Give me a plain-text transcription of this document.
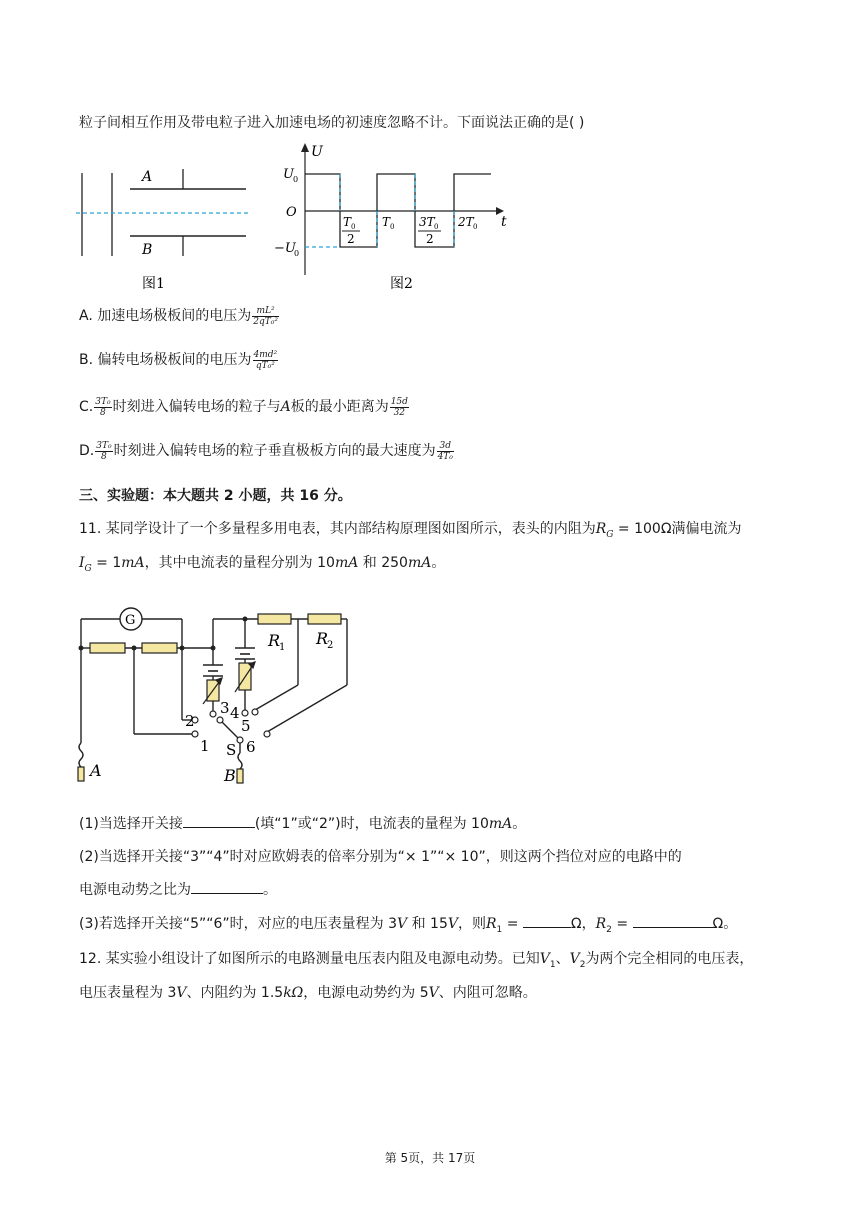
粒子间相互作用及带电粒子进入加速电场的初速度忽略不计。下面说法正确的是( )
A
B
图1
U
U 0
O
−U
0
t
T 0
2
T 0 3T 0
2
2T 0
图2
A. 加速电场极板间的电压为 $\frac{\text{mL²}}{\text{2qT₀²}}$
B. 偏转电场极板间的电压为 $\frac{\text{4md²}}{\text{qT₀²}}$
C. $\frac{\text{3T₀}}{8}$ 时刻进入偏转电场的粒子与A板的最小距离为 $\frac{15d}{32}$
D. $\frac{\text{3T₀}}{8}$ 时刻进入偏转电场的粒子垂直极板方向的最大速度为 $\frac{3d}{\text{4T₀}}$
三、实验题：本大题共 2 小题，共 16 分。
11. 某同学设计了一个多量程多用电表，其内部结构原理图如图所示，表头的内阻为$R_G = 100\Omega$满偏电流为
$I_G = 1mA$，其中电流表的量程分别为 10mA 和 250mA。
G
R
1 R
2
2
1
3 4
5
6
S
A	B
(1)当选择开关接	(填“1”或“2”)时，电流表的量程为 10mA。
(2)当选择开关接“3”“4”时对应欧姆表的倍率分别为“× 1”“× 10”，则这两个挡位对应的电路中的
电源电动势之比为	。
(3)若选择开关接“5”“6”时，对应的电压表量程为 3V 和 15V，则$R_1$ =	Ω，$R_2$ =	Ω。
12. 某实验小组设计了如图所示的电路测量电压表内阻及电源电动势。已知$V_1$、$V_2$为两个完全相同的电压表，
电压表量程为 3V、内阻约为 1.5kΩ，电源电动势约为 5V、内阻可忽略。
第 5页，共 17页
